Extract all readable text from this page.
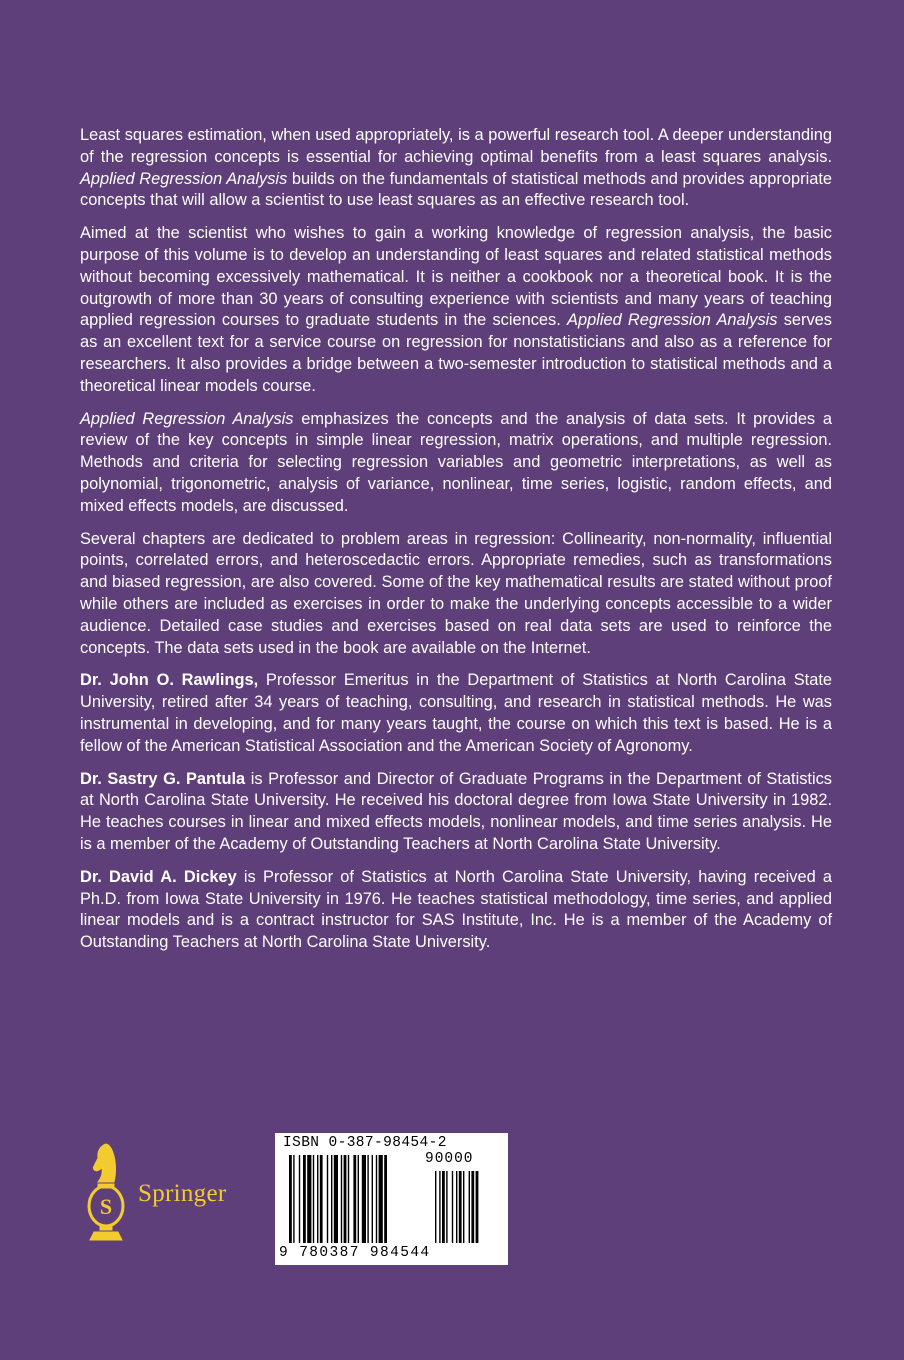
Least squares estimation, when used appropriately, is a powerful research tool. A deeper understanding of the regression concepts is essential for achieving optimal benefits from a least squares analysis. Applied Regression Analysis builds on the fundamentals of statistical methods and provides appropriate concepts that will allow a scientist to use least squares as an effective research tool.

Aimed at the scientist who wishes to gain a working knowledge of regression analysis, the basic purpose of this volume is to develop an understanding of least squares and related statistical methods without becoming excessively mathematical. It is neither a cookbook nor a theoretical book. It is the outgrowth of more than 30 years of consulting experience with scientists and many years of teaching applied regression courses to graduate students in the sciences. Applied Regression Analysis serves as an excellent text for a service course on regression for nonstatisticians and also as a reference for researchers. It also provides a bridge between a two-semester introduction to statistical methods and a theoretical linear models course.

Applied Regression Analysis emphasizes the concepts and the analysis of data sets. It provides a review of the key concepts in simple linear regression, matrix operations, and multiple regression. Methods and criteria for selecting regression variables and geometric interpretations, as well as polynomial, trigonometric, analysis of variance, nonlinear, time series, logistic, random effects, and mixed effects models, are discussed.

Several chapters are dedicated to problem areas in regression: Collinearity, non-normality, influential points, correlated errors, and heteroscedactic errors. Appropriate remedies, such as transformations and biased regression, are also covered. Some of the key mathematical results are stated without proof while others are included as exercises in order to make the underlying concepts accessible to a wider audience. Detailed case studies and exercises based on real data sets are used to reinforce the concepts. The data sets used in the book are available on the Internet.

Dr. John O. Rawlings, Professor Emeritus in the Department of Statistics at North Carolina State University, retired after 34 years of teaching, consulting, and research in statistical methods. He was instrumental in developing, and for many years taught, the course on which this text is based. He is a fellow of the American Statistical Association and the American Society of Agronomy.

Dr. Sastry G. Pantula is Professor and Director of Graduate Programs in the Department of Statistics at North Carolina State University. He received his doctoral degree from Iowa State University in 1982. He teaches courses in linear and mixed effects models, nonlinear models, and time series analysis. He is a member of the Academy of Outstanding Teachers at North Carolina State University.

Dr. David A. Dickey is Professor of Statistics at North Carolina State University, having received a Ph.D. from Iowa State University in 1976. He teaches statistical methodology, time series, and applied linear models and is a contract instructor for SAS Institute, Inc. He is a member of the Academy of Outstanding Teachers at North Carolina State University.

S Springer
ISBN 0-387-98454-2
90000
9 780387 984544
